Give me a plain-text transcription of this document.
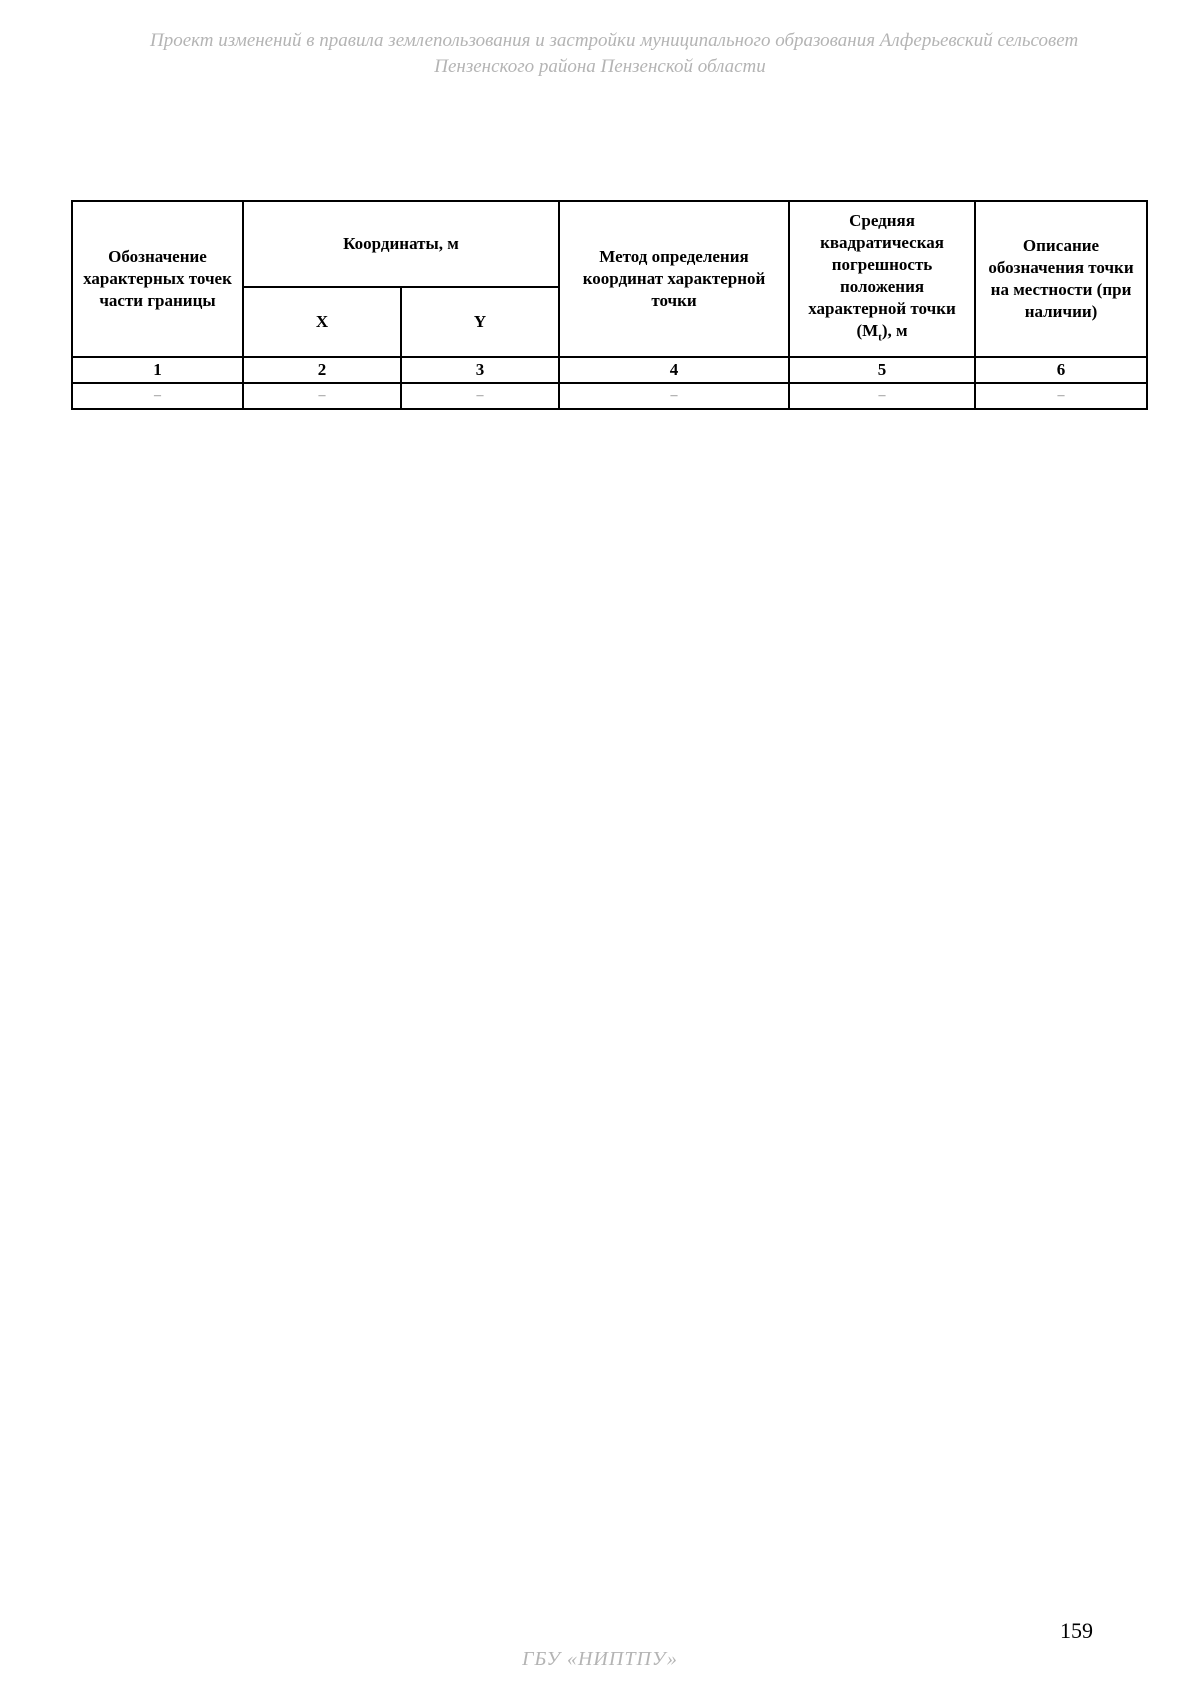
Проект изменений в правила землепользования и застройки муниципального образования Алферьевский сельсовет
Пензенского района Пензенской области
Обозначение характерных точек части границы	Координаты, м		Метод определения координат характерной точки	Средняя квадратическая погрешность положения характерной точки $(M_t)$, м	Описание обозначения точки на местности (при наличии)
	X	Y			
1	2	3	4	5	6
–	–	–	–	–	–
159
ГБУ «НИПТПУ»
